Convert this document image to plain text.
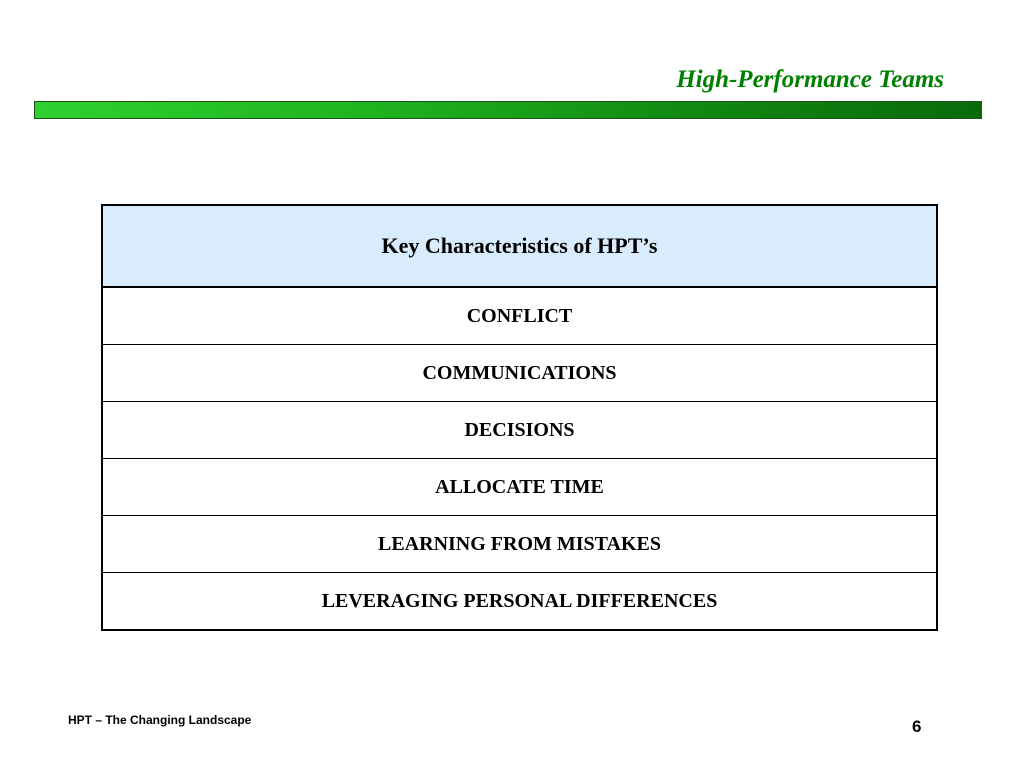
High-Performance Teams
Key Characteristics of HPT’s
CONFLICT
COMMUNICATIONS
DECISIONS
ALLOCATE TIME
LEARNING FROM MISTAKES
LEVERAGING PERSONAL DIFFERENCES
HPT – The Changing Landscape	6
